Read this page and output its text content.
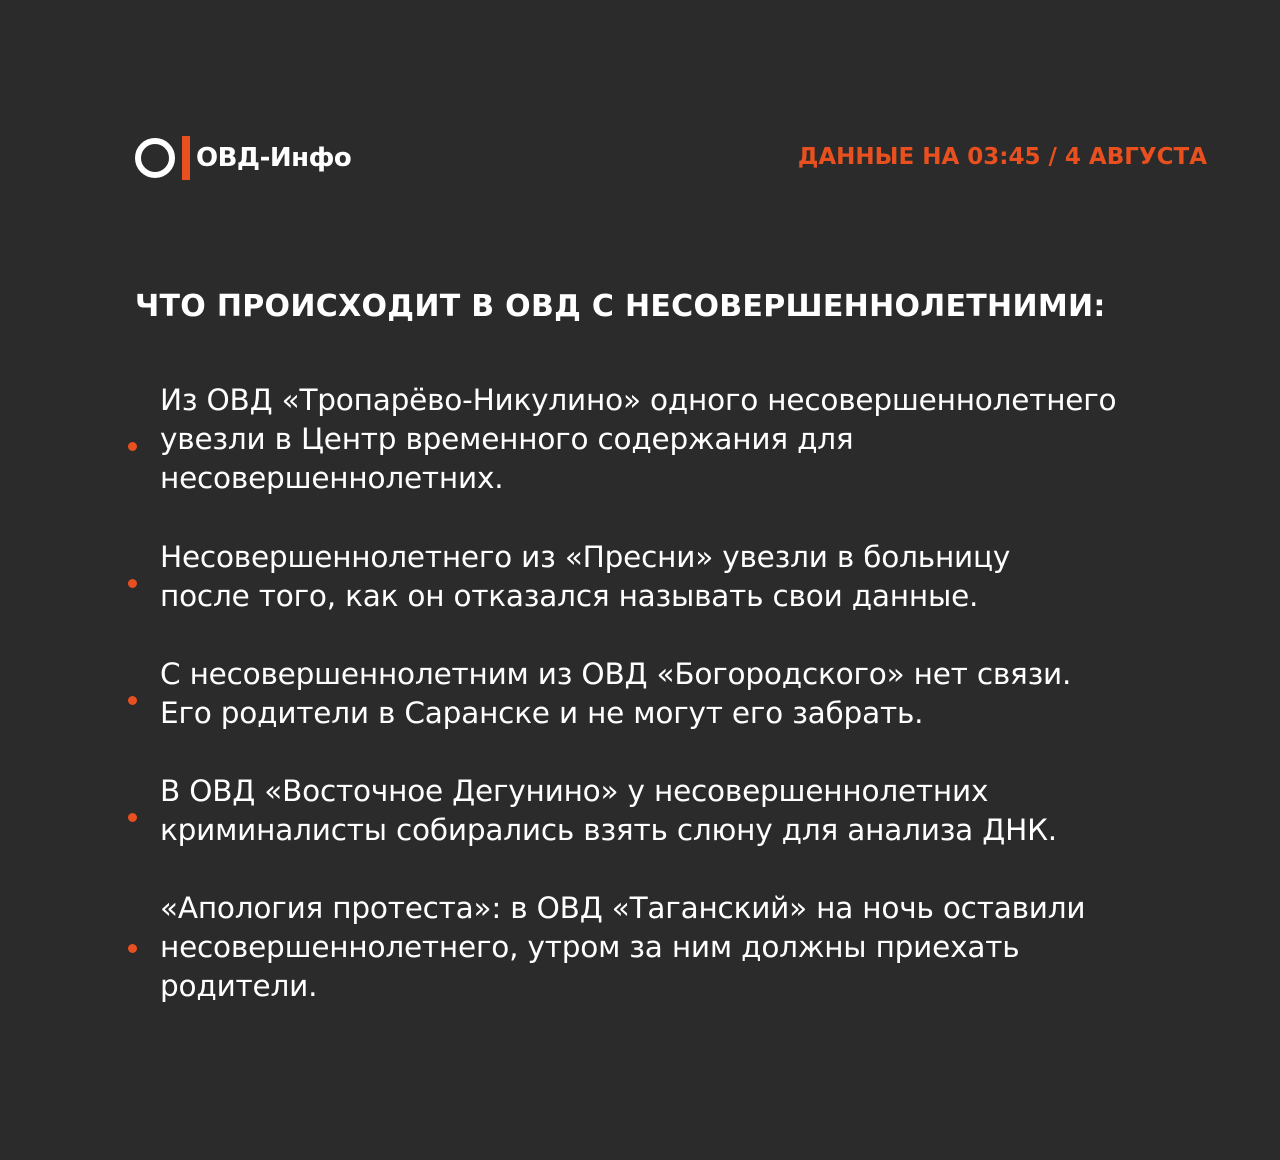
ОВД-Инфо	ДАННЫЕ НА 03:45 / 4 АВГУСТА
ЧТО ПРОИСХОДИТ В ОВД С НЕСОВЕРШЕННОЛЕТНИМИ:

Из ОВД «Тропарёво-Никулино» одного несовершеннолетнего
увезли в Центр временного содержания для
несовершеннолетних.

Несовершеннолетнего из «Пресни» увезли в больницу
после того, как он отказался называть свои данные.

С несовершеннолетним из ОВД «Богородского» нет связи.
Его родители в Саранске и не могут его забрать.

В ОВД «Восточное Дегунино» у несовершеннолетних
криминалисты собирались взять слюну для анализа ДНК.

«Апология протеста»: в ОВД «Таганский» на ночь оставили
несовершеннолетнего, утром за ним должны приехать
родители.
